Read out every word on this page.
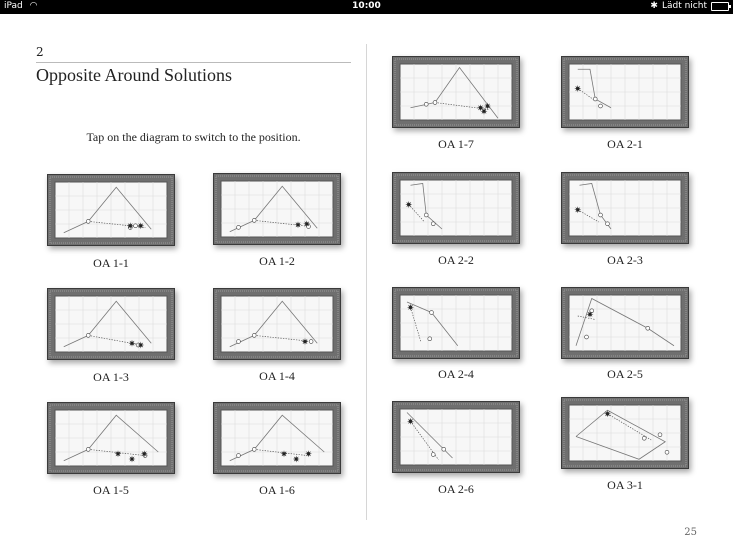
iPad ◠	10:00	✱ Lädt nicht
2
Opposite Around Solutions
Tap on the diagram to switch to the position.
25
OA 1-1	OA 1-2
OA 1-3	OA 1-4
OA 1-5	OA 1-6
OA 1-7	OA 2-1
OA 2-2	OA 2-3
OA 2-4	OA 2-5
OA 2-6	OA 3-1
